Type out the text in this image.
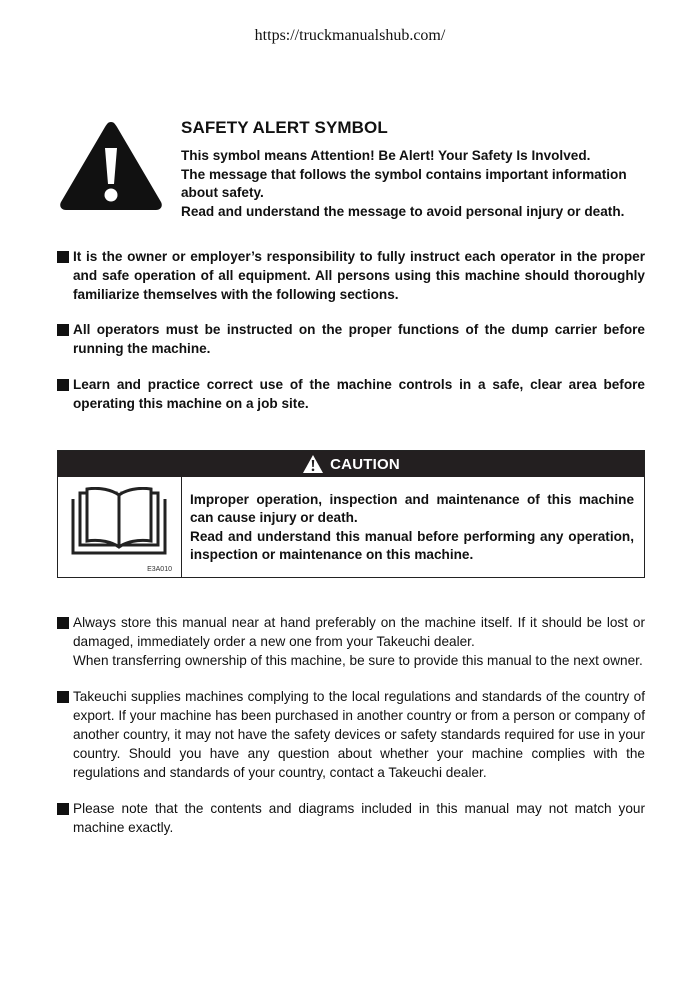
https://truckmanualshub.com/
SAFETY ALERT SYMBOL
This symbol means Attention! Be Alert! Your Safety Is Involved.
The message that follows the symbol contains important information
about safety.
Read and understand the message to avoid personal injury or death.
It is the owner or employer’s responsibility to fully instruct each operator in the proper and safe operation of all equipment. All persons using this machine should thoroughly familiarize themselves with the following sections.
All operators must be instructed on the proper functions of the dump carrier before running the machine.
Learn and practice correct use of the machine controls in a safe, clear area before operating this machine on a job site.
CAUTION
E3A010

Improper operation, inspection and maintenance of this machine can cause injury or death.

Read and understand this manual before performing any operation, inspection or maintenance on this machine.

Always store this manual near at hand preferably on the machine itself. If it should be lost or damaged, immediately order a new one from your Takeuchi dealer.
When transferring ownership of this machine, be sure to provide this manual to the next owner.
Takeuchi supplies machines complying to the local regulations and standards of the country of export. If your machine has been purchased in another country or from a person or company of another country, it may not have the safety devices or safety standards required for use in your country. Should you have any question about whether your machine complies with the regulations and standards of your country, contact a Takeuchi dealer.
Please note that the contents and diagrams included in this manual may not match your machine exactly.
